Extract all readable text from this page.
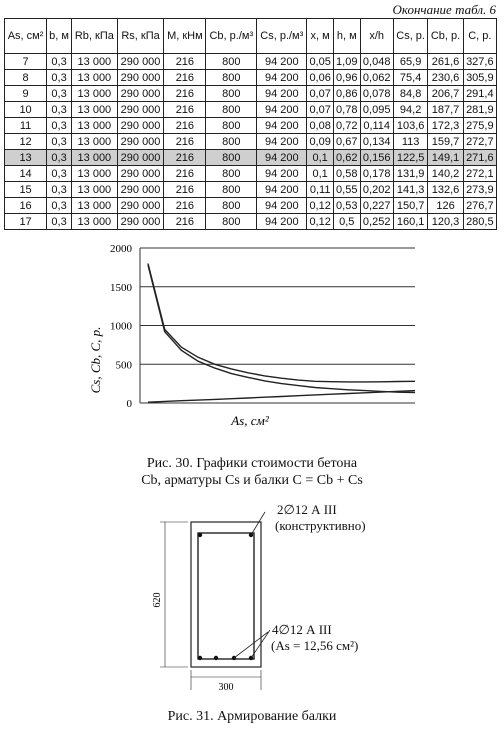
Окончание табл. 6
As, см²	b, м	Rb, кПа	Rs, кПа	M, кНм	Cb, р./м³	Cs, р./м³	x, м	h, м	x/h	Cs, р.	Cb, р.	C, р.
7	0,3	13 000	290 000	216	800	94 200	0,05	1,09	0,048	65,9	261,6	327,6
8	0,3	13 000	290 000	216	800	94 200	0,06	0,96	0,062	75,4	230,6	305,9
9	0,3	13 000	290 000	216	800	94 200	0,07	0,86	0,078	84,8	206,7	291,4
10	0,3	13 000	290 000	216	800	94 200	0,07	0,78	0,095	94,2	187,7	281,9
11	0,3	13 000	290 000	216	800	94 200	0,08	0,72	0,114	103,6	172,3	275,9
12	0,3	13 000	290 000	216	800	94 200	0,09	0,67	0,134	113	159,7	272,7
13	0,3	13 000	290 000	216	800	94 200	0,1	0,62	0,156	122,5	149,1	271,6
14	0,3	13 000	290 000	216	800	94 200	0,1	0,58	0,178	131,9	140,2	272,1
15	0,3	13 000	290 000	216	800	94 200	0,11	0,55	0,202	141,3	132,6	273,9
16	0,3	13 000	290 000	216	800	94 200	0,12	0,53	0,227	150,7	126	276,7
17	0,3	13 000	290 000	216	800	94 200	0,12	0,5	0,252	160,1	120,3	280,5
0
500
1000
1500
2000
Cs, Cb, C, р.
As, см²
Рис. 30. Графики стоимости бетона
Cb, арматуры Cs и балки C = Cb + Cs
620
300
2∅12 А III
(конструктивно)
4∅12 А III
(As = 12,56 см²)
Рис. 31. Армирование балки
